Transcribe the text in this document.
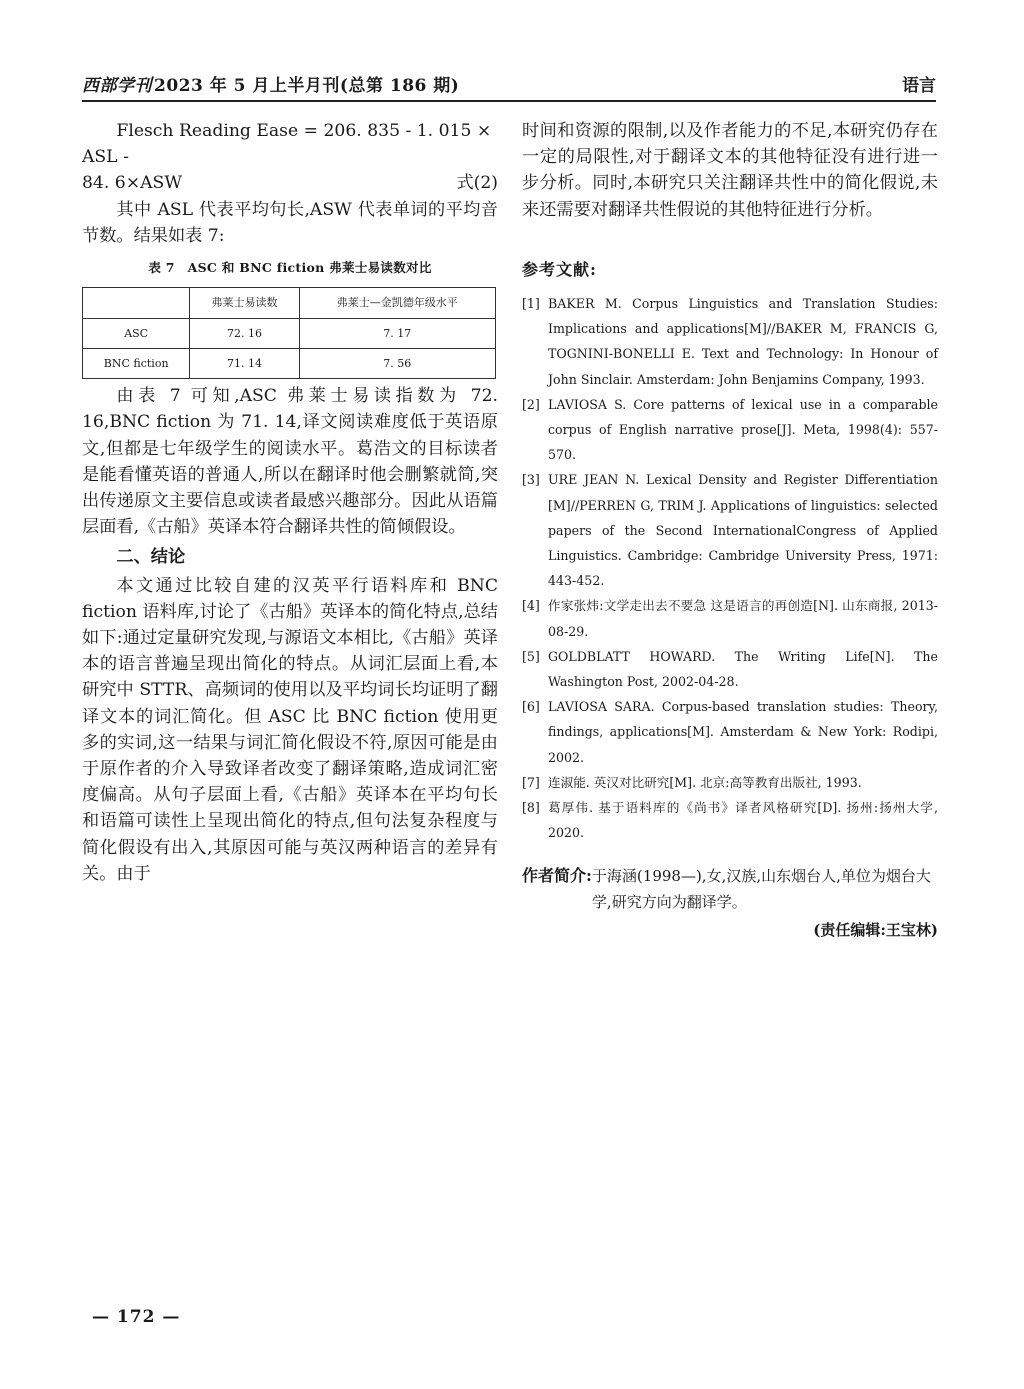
西部学刊 2023 年 5 月上半月刊(总第 186 期)	语言

Flesch Reading Ease = 206. 835 - 1. 015 × ASL -

84. 6×ASW	式(2)

其中 ASL 代表平均句长,ASW 代表单词的平均音节数。结果如表 7:

表 7　ASC 和 BNC fiction 弗莱士易读数对比
	弗莱士易读数	弗莱士—金凯德年级水平
ASC	72. 16	7. 17
BNC fiction	71. 14	7. 56

由表 7 可知,ASC 弗莱士易读指数为 72. 16,BNC fiction 为 71. 14,译文阅读难度低于英语原文,但都是七年级学生的阅读水平。葛浩文的目标读者是能看懂英语的普通人,所以在翻译时他会删繁就简,突出传递原文主要信息或读者最感兴趣部分。因此从语篇层面看,《古船》英译本符合翻译共性的简倾假设。

二、结论

本文通过比较自建的汉英平行语料库和 BNC fiction 语料库,讨论了《古船》英译本的简化特点,总结如下:通过定量研究发现,与源语文本相比,《古船》英译本的语言普遍呈现出简化的特点。从词汇层面上看,本研究中 STTR、高频词的使用以及平均词长均证明了翻译文本的词汇简化。但 ASC 比 BNC fiction 使用更多的实词,这一结果与词汇简化假设不符,原因可能是由于原作者的介入导致译者改变了翻译策略,造成词汇密度偏高。从句子层面上看,《古船》英译本在平均句长和语篇可读性上呈现出简化的特点,但句法复杂程度与简化假设有出入,其原因可能与英汉两种语言的差异有关。由于

时间和资源的限制,以及作者能力的不足,本研究仍存在一定的局限性,对于翻译文本的其他特征没有进行进一步分析。同时,本研究只关注翻译共性中的简化假说,未来还需要对翻译共性假说的其他特征进行分析。

参考文献:
[1] BAKER M. Corpus Linguistics and Translation Studies: Implications and applications[M]//BAKER M, FRANCIS G, TOGNINI-BONELLI E. Text and Technology: In Honour of John Sinclair. Amsterdam: John Benjamins Company, 1993.
[2] LAVIOSA S. Core patterns of lexical use in a comparable corpus of English narrative prose[J]. Meta, 1998(4): 557-570.
[3] URE JEAN N. Lexical Density and Register Differentiation [M]//PERREN G, TRIM J. Applications of linguistics: selected papers of the Second InternationalCongress of Applied Linguistics. Cambridge: Cambridge University Press, 1971: 443-452.
[4] 作家张炜:文学走出去不要急 这是语言的再创造[N]. 山东商报, 2013-08-29.
[5] GOLDBLATT HOWARD. The Writing Life[N]. The Washington Post, 2002-04-28.
[6] LAVIOSA SARA. Corpus-based translation studies: Theory, findings, applications[M]. Amsterdam & New York: Rodipi, 2002.
[7] 连淑能. 英汉对比研究[M]. 北京:高等教育出版社, 1993.
[8] 葛厚伟. 基于语料库的《尚书》译者风格研究[D]. 扬州:扬州大学, 2020.
作者简介: 于海涵(1998—),女,汉族,山东烟台人,单位为烟台大学,研究方向为翻译学。
(责任编辑:王宝林)
— 172 —
